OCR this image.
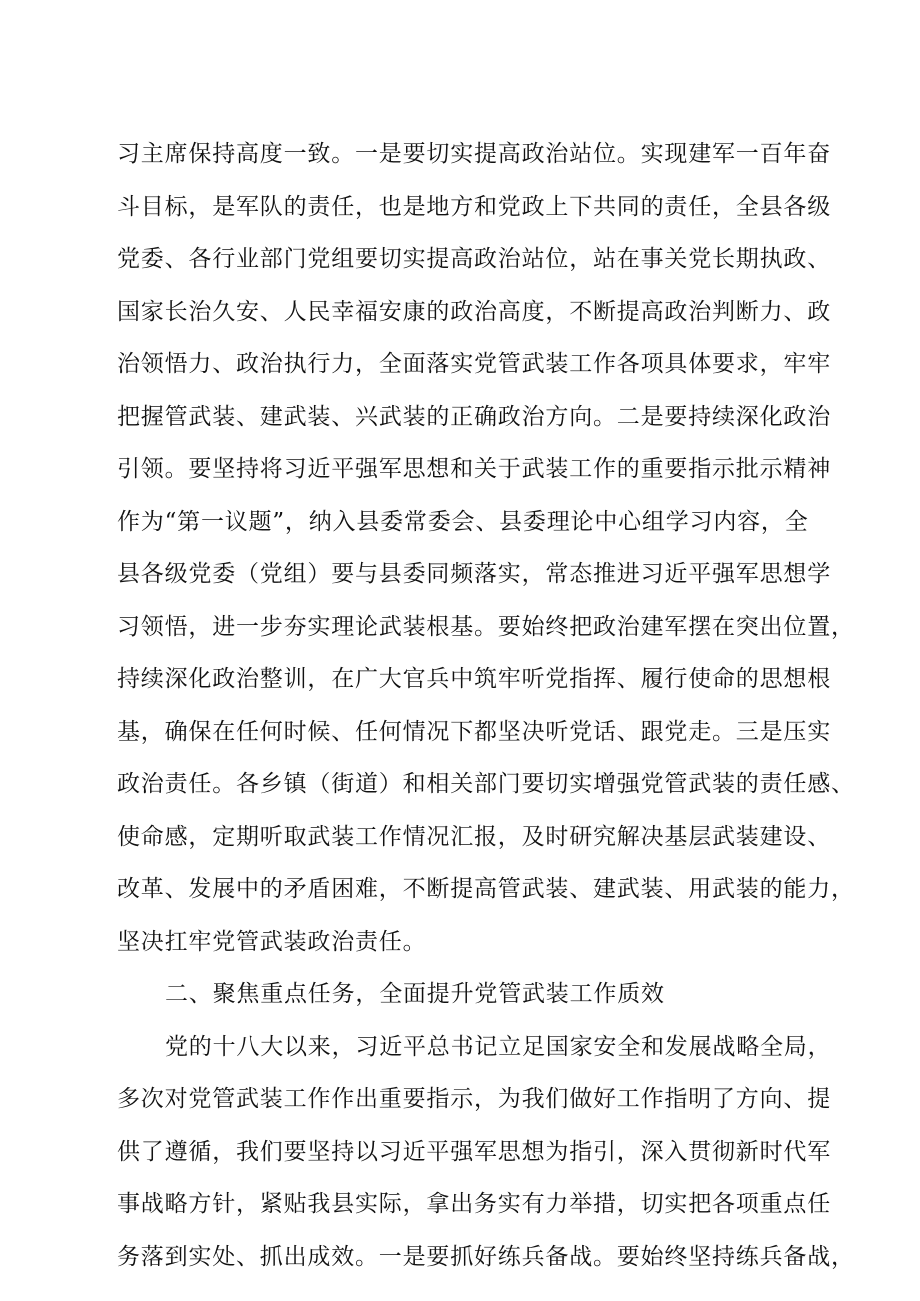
习主席保持高度一致。一是要切实提高政治站位。实现建军一百年奋
斗目标，是军队的责任，也是地方和党政上下共同的责任，全县各级
党委、各行业部门党组要切实提高政治站位，站在事关党长期执政、
国家长治久安、人民幸福安康的政治高度，不断提高政治判断力、政
治领悟力、政治执行力，全面落实党管武装工作各项具体要求，牢牢
把握管武装、建武装、兴武装的正确政治方向。二是要持续深化政治
引领。要坚持将习近平强军思想和关于武装工作的重要指示批示精神
作为“第一议题”，纳入县委常委会、县委理论中心组学习内容，全
县各级党委（党组）要与县委同频落实，常态推进习近平强军思想学
习领悟，进一步夯实理论武装根基。要始终把政治建军摆在突出位置，
持续深化政治整训，在广大官兵中筑牢听党指挥、履行使命的思想根
基，确保在任何时候、任何情况下都坚决听党话、跟党走。三是压实
政治责任。各乡镇（街道）和相关部门要切实增强党管武装的责任感、
使命感，定期听取武装工作情况汇报，及时研究解决基层武装建设、
改革、发展中的矛盾困难，不断提高管武装、建武装、用武装的能力，
坚决扛牢党管武装政治责任。
二、聚焦重点任务，全面提升党管武装工作质效
党的十八大以来，习近平总书记立足国家安全和发展战略全局，
多次对党管武装工作作出重要指示，为我们做好工作指明了方向、提
供了遵循，我们要坚持以习近平强军思想为指引，深入贯彻新时代军
事战略方针，紧贴我县实际，拿出务实有力举措，切实把各项重点任
务落到实处、抓出成效。一是要抓好练兵备战。要始终坚持练兵备战，
